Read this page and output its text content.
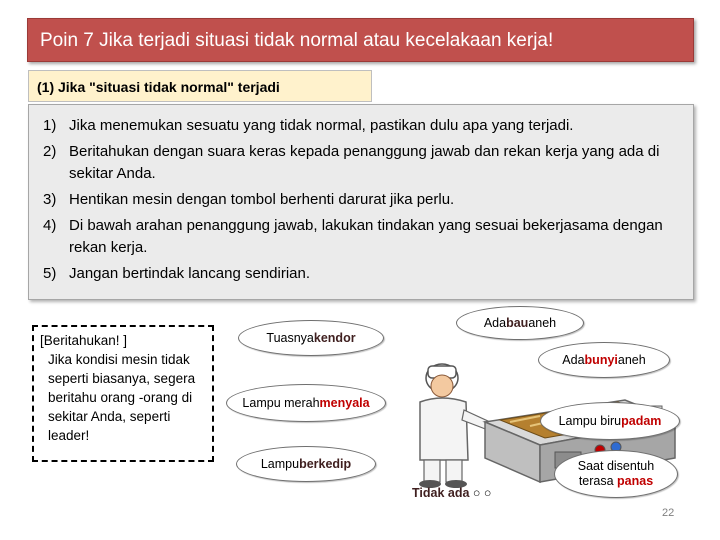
Poin 7 Jika terjadi situasi tidak normal atau kecelakaan kerja!
(1) Jika "situasi tidak normal" terjadi
1) Jika menemukan sesuatu yang tidak normal, pastikan dulu apa yang terjadi.
2) Beritahukan dengan suara keras kepada penanggung jawab dan rekan kerja yang ada di sekitar Anda.
3) Hentikan mesin dengan tombol berhenti darurat jika perlu.
4) Di bawah arahan penanggung jawab, lakukan tindakan yang sesuai bekerjasama dengan rekan kerja.
5) Jangan bertindak lancang sendirian.
[Beritahukan! ]
Jika kondisi mesin tidak seperti biasanya, segera beritahu orang -orang di sekitar Anda, seperti leader!
Tuasnya kendor
Ada bau aneh
Ada bunyi aneh
Lampu merah menyala
Lampu biru padam
Lampu berkedip	Saat disentuh
terasa panas
Tidak ada ○ ○
22
